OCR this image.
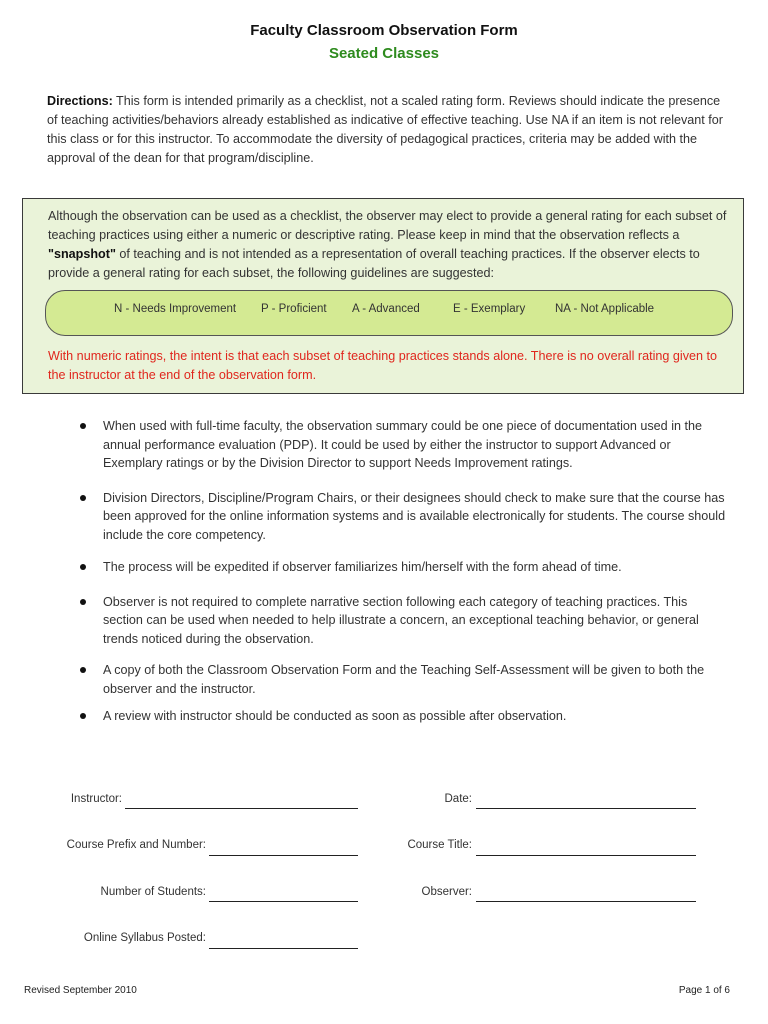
Faculty Classroom Observation Form
Seated Classes
Directions: This form is intended primarily as a checklist, not a scaled rating form. Reviews should indicate the presence of teaching activities/behaviors already established as indicative of effective teaching. Use NA if an item is not relevant for this class or for this instructor. To accommodate the diversity of pedagogical practices, criteria may be added with the approval of the dean for that program/discipline.
Although the observation can be used as a checklist, the observer may elect to provide a general rating for each subset of teaching practices using either a numeric or descriptive rating. Please keep in mind that the observation reflects a "snapshot" of teaching and is not intended as a representation of overall teaching practices. If the observer elects to provide a general rating for each subset, the following guidelines are suggested:
N - Needs Improvement P - Proficient A - Advanced	E - Exemplary	NA - Not Applicable
With numeric ratings, the intent is that each subset of teaching practices stands alone. There is no overall rating given to the instructor at the end of the observation form.
When used with full-time faculty, the observation summary could be one piece of documentation used in the annual performance evaluation (PDP). It could be used by either the instructor to support Advanced or Exemplary ratings or by the Division Director to support Needs Improvement ratings.
Division Directors, Discipline/Program Chairs, or their designees should check to make sure that the course has been approved for the online information systems and is available electronically for students. The course should include the core competency.
The process will be expedited if observer familiarizes him/herself with the form ahead of time.
Observer is not required to complete narrative section following each category of teaching practices. This section can be used when needed to help illustrate a concern, an exceptional teaching behavior, or general trends noticed during the observation.
A copy of both the Classroom Observation Form and the Teaching Self-Assessment will be given to both the observer and the instructor.
A review with instructor should be conducted as soon as possible after observation.
Instructor:	Date:
Course Prefix and Number:	Course Title:
Number of Students:	Observer:
Online Syllabus Posted:
Revised September 2010	Page 1 of 6
